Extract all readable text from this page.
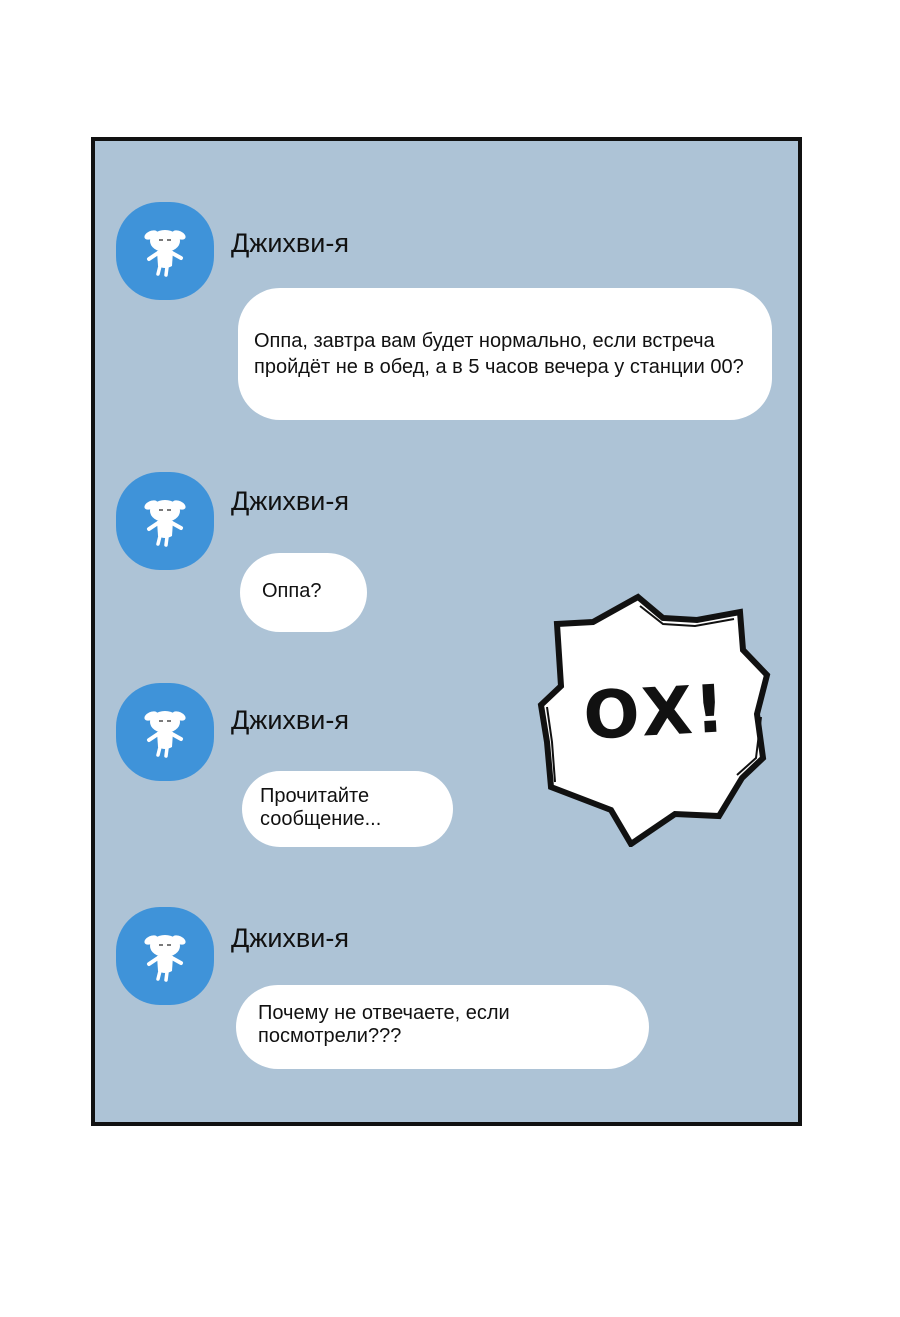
Джихви-я
Оппа, завтра вам будет нормально, если встреча
пройдёт не в обед, а в 5 часов вечера у станции 00?
Джихви-я
Оппа?
Джихви-я
Прочитайте
сообщение...
Джихви-я
Почему не отвечаете, если
посмотрели???
ОХ!
